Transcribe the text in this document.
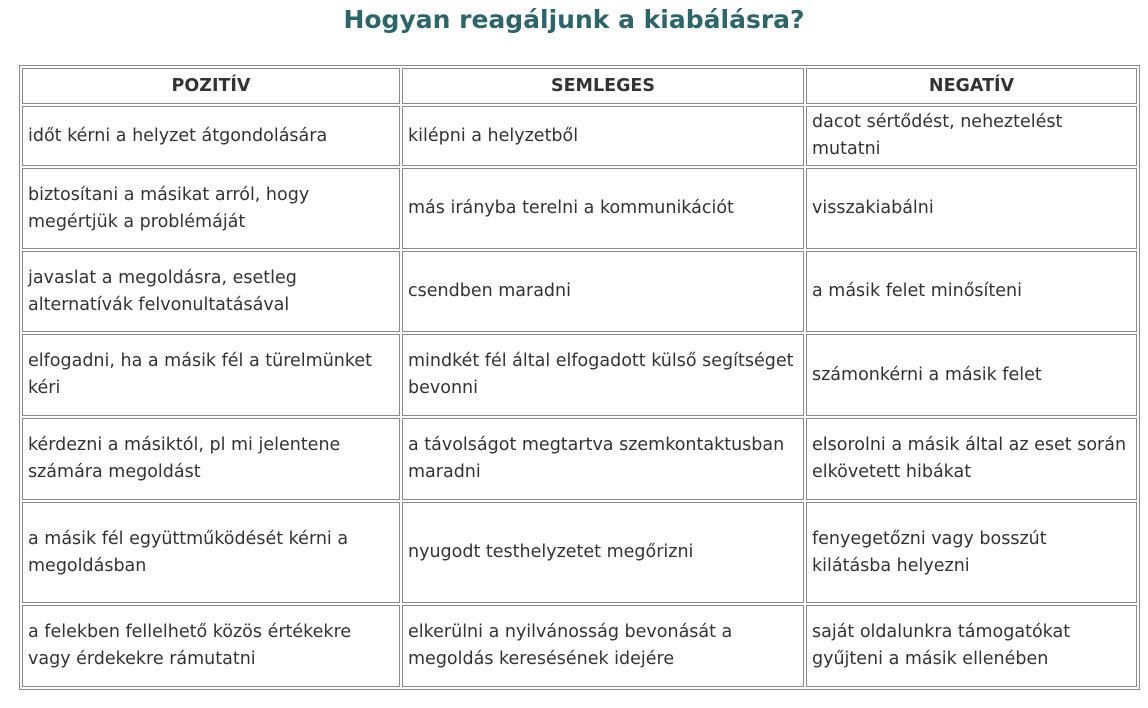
Hogyan reagáljunk a kiabálásra?
POZITÍV	SEMLEGES	NEGATÍV
időt kérni a helyzet átgondolására	kilépni a helyzetből	dacot sértődést, neheztelést mutatni
biztosítani a másikat arról, hogy megértjük a problémáját	más irányba terelni a kommunikációt	visszakiabálni
javaslat a megoldásra, esetleg alternatívák felvonultatásával	csendben maradni	a másik felet minősíteni
elfogadni, ha a másik fél a türelmünket kéri	mindkét fél által elfogadott külső segítséget bevonni	számonkérni a másik felet
kérdezni a másiktól, pl mi jelentene számára megoldást	a távolságot megtartva szemkontaktusban maradni	elsorolni a másik által az eset során elkövetett hibákat
a másik fél együttműködését kérni a megoldásban	nyugodt testhelyzetet megőrizni	fenyegetőzni vagy bosszút kilátásba helyezni
a felekben fellelhető közös értékekre vagy érdekekre rámutatni	elkerülni a nyilvánosság bevonását a megoldás keresésének idejére	saját oldalunkra támogatókat gyűjteni a másik ellenében
